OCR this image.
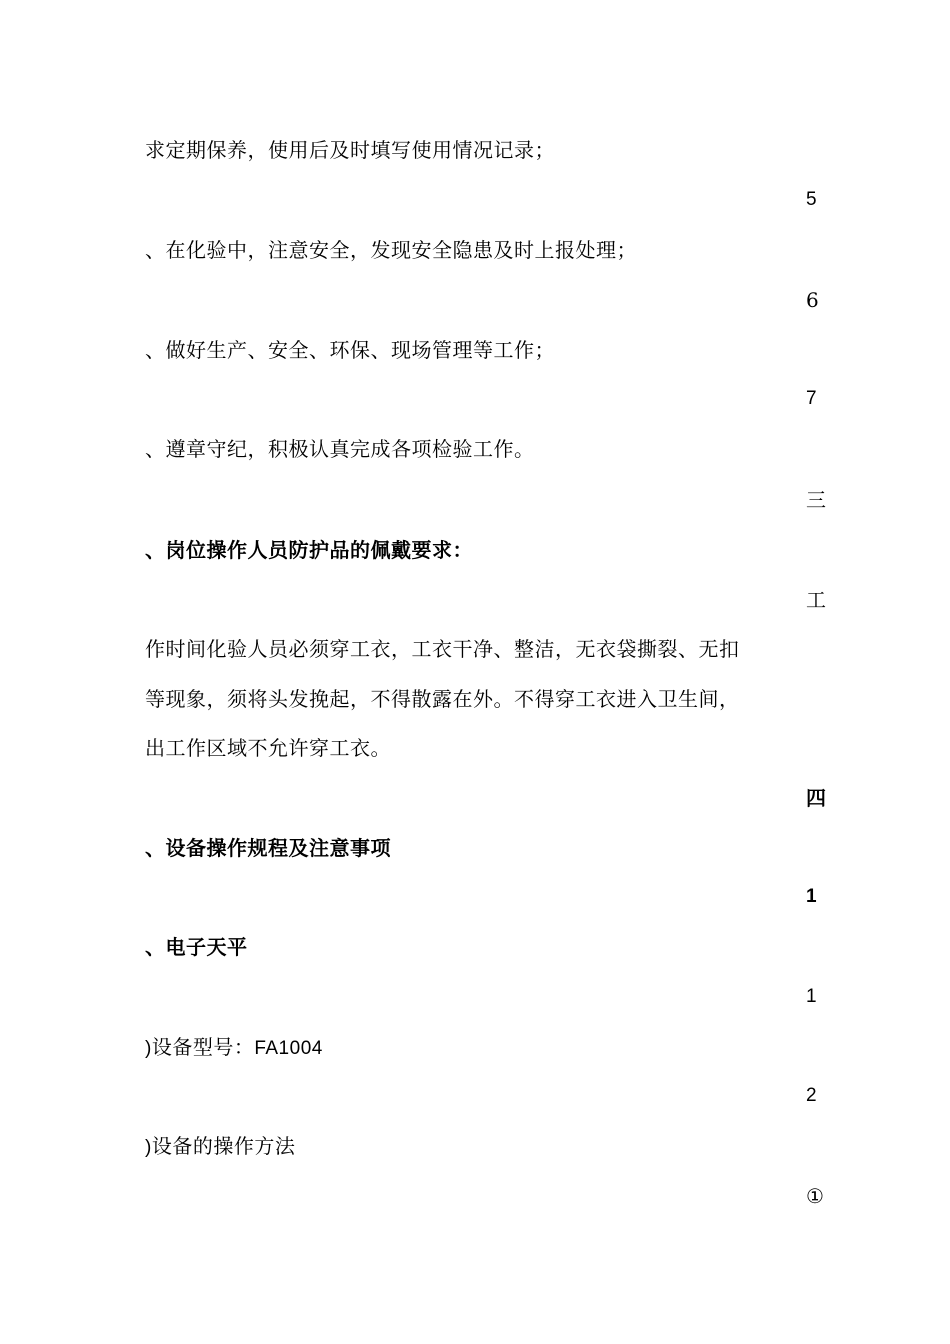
求定期保养，使用后及时填写使用情况记录；
5
、在化验中，注意安全，发现安全隐患及时上报处理；
6
、做好生产、安全、环保、现场管理等工作；
7
、遵章守纪，积极认真完成各项检验工作。
三
、岗位操作人员防护品的佩戴要求：
工
作时间化验人员必须穿工衣，工衣干净、整洁，无衣袋撕裂、无扣
等现象，须将头发挽起，不得散露在外。不得穿工衣进入卫生间，
出工作区域不允许穿工衣。
四
、设备操作规程及注意事项
1
、电子天平
1
)设备型号：FA1004
2
)设备的操作方法
①
